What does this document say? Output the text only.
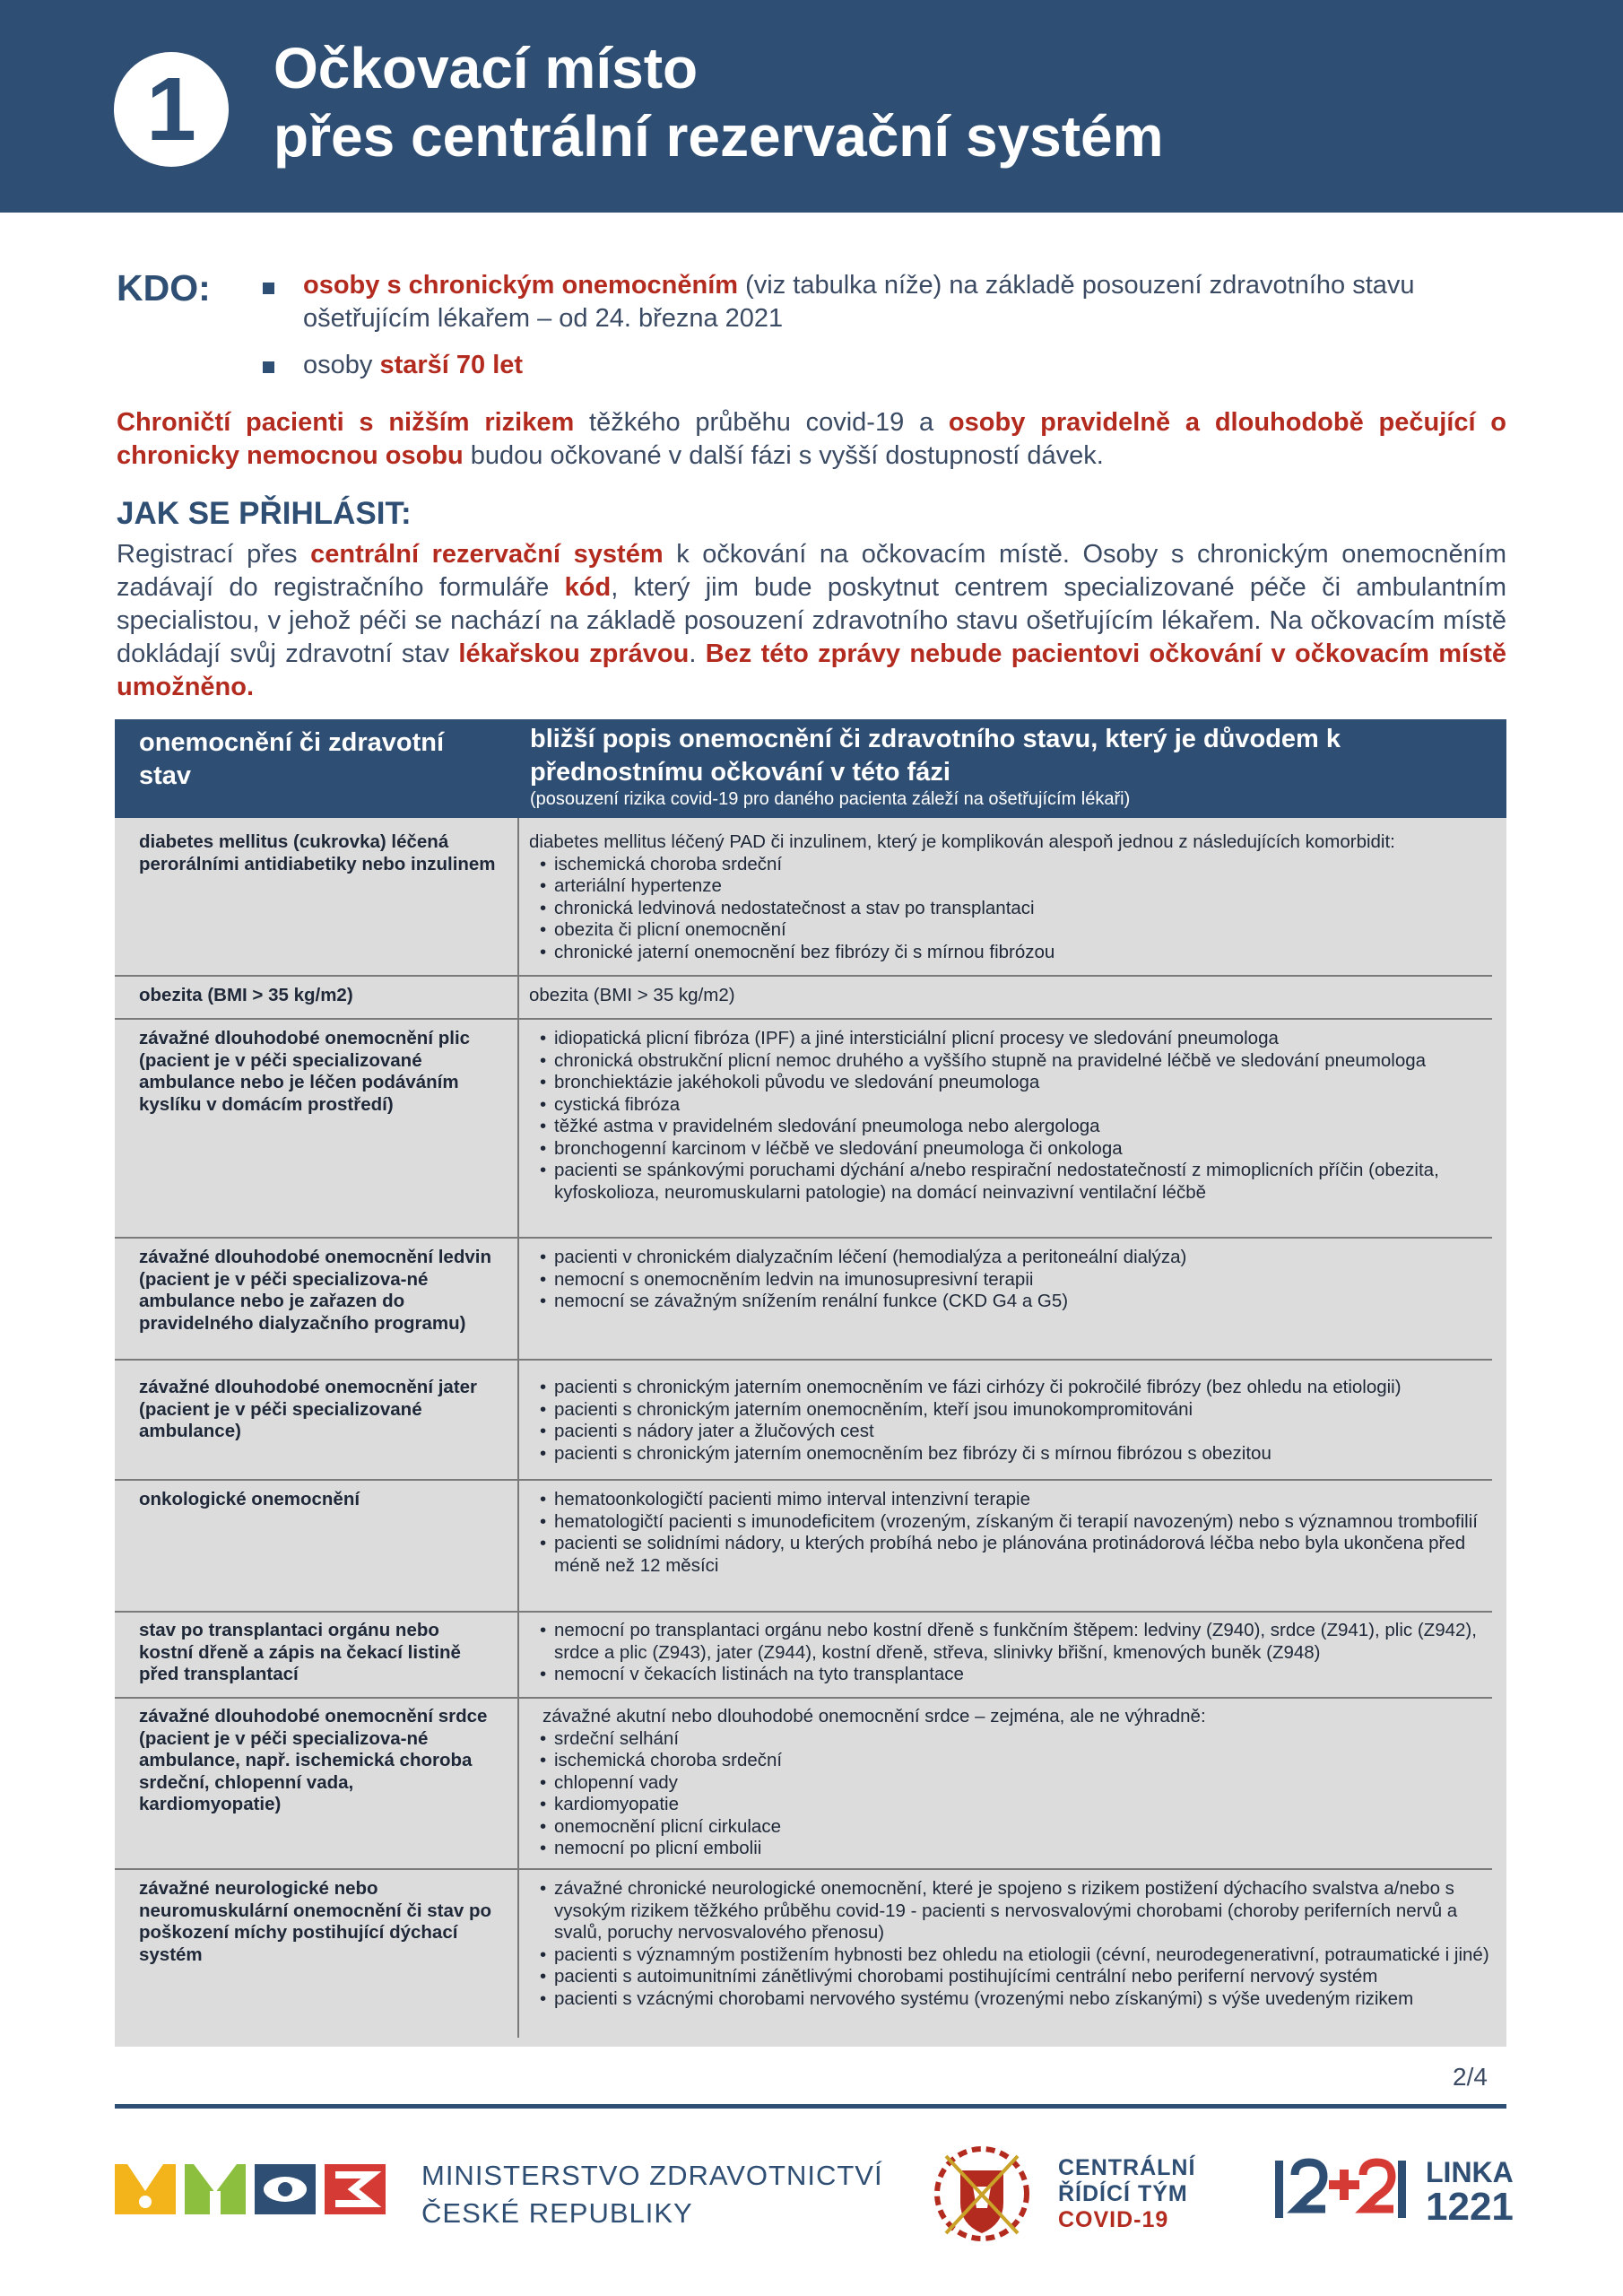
1	Očkovací místo
přes centrální rezervační systém
KDO:	osoby s chronickým onemocněním (viz tabulka níže) na základě posouzení zdravotního stavu ošetřujícím lékařem – od 24. března 2021
osoby starší 70 let
Chroničtí pacienti s nižším rizikem těžkého průběhu covid-19 a osoby pravidelně a dlouhodobě pečující o chronicky nemocnou osobu budou očkované v další fázi s vyšší dostupností dávek.
JAK SE PŘIHLÁSIT:
Registrací přes centrální rezervační systém k očkování na očkovacím místě. Osoby s chronickým onemocněním zadávají do registračního formuláře kód, který jim bude poskytnut centrem specializované péče či ambulantním specialistou, v jehož péči se nachází na základě posouzení zdravotního stavu ošetřujícím lékařem. Na očkovacím místě dokládají svůj zdravotní stav lékařskou zprávou. Bez této zprávy nebude pacientovi očkování v očkovacím místě umožněno.
onemocnění či zdravotní stav
bližší popis onemocnění či zdravotního stavu, který je důvodem k přednostnímu očkování v této fázi
(posouzení rizika covid-19 pro daného pacienta záleží na ošetřujícím lékaři)
diabetes mellitus (cukrovka) léčená perorálními antidiabetiky nebo inzulinem
diabetes mellitus léčený PAD či inzulinem, který je komplikován alespoň jednou z následujících komorbidit:
• ischemická choroba srdeční
• arteriální hypertenze
• chronická ledvinová nedostatečnost a stav po transplantaci
• obezita či plicní onemocnění
• chronické jaterní onemocnění bez fibrózy či s mírnou fibrózou
obezita (BMI > 35 kg/m2)	obezita (BMI > 35 kg/m2)
závažné dlouhodobé onemocnění plic (pacient je v péči specializované ambulance nebo je léčen podáváním kyslíku v domácím prostředí)
• idiopatická plicní fibróza (IPF) a jiné intersticiální plicní procesy ve sledování pneumologa
• chronická obstrukční plicní nemoc druhého a vyššího stupně na pravidelné léčbě ve sledování pneumologa
• bronchiektázie jakéhokoli původu ve sledování pneumologa
• cystická fibróza
• těžké astma v pravidelném sledování pneumologa nebo alergologa
• bronchogenní karcinom v léčbě ve sledování pneumologa či onkologa
• pacienti se spánkovými poruchami dýchání a/nebo respirační nedostatečností z mimoplicních příčin (obezita, kyfoskolioza, neuromuskularni patologie) na domácí neinvazivní ventilační léčbě
závažné dlouhodobé onemocnění ledvin (pacient je v péči specializova-né ambulance nebo je zařazen do pravidelného dialyzačního programu)
• pacienti v chronickém dialyzačním léčení (hemodialýza a peritoneální dialýza)
• nemocní s onemocněním ledvin na imunosupresivní terapii
• nemocní se závažným snížením renální funkce (CKD G4 a G5)
závažné dlouhodobé onemocnění jater (pacient je v péči specializované ambulance)
• pacienti s chronickým jaterním onemocněním ve fázi cirhózy či pokročilé fibrózy (bez ohledu na etiologii)
• pacienti s chronickým jaterním onemocněním, kteří jsou imunokompromitováni
• pacienti s nádory jater a žlučových cest
• pacienti s chronickým jaterním onemocněním bez fibrózy či s mírnou fibrózou s obezitou
onkologické onemocnění
•	hematoonkologičtí pacienti mimo interval intenzivní terapie
• hematologičtí pacienti s imunodeficitem (vrozeným, získaným či terapií navozeným) nebo s významnou trombofilií
• pacienti se solidními nádory, u kterých probíhá nebo je plánována protinádorová léčba nebo byla ukončena před méně než 12 měsíci
stav po transplantaci orgánu nebo kostní dřeně a zápis na čekací listině před transplantací
• nemocní po transplantaci orgánu nebo kostní dřeně s funkčním štěpem: ledviny (Z940), srdce (Z941), plic (Z942), srdce a plic (Z943), jater (Z944), kostní dřeně, střeva, slinivky břišní, kmenových buněk (Z948)
• nemocní v čekacích listinách na tyto transplantace
závažné dlouhodobé onemocnění srdce (pacient je v péči specializova-né ambulance, např. ischemická choroba srdeční, chlopenní vada, kardiomyopatie)
závažné akutní nebo dlouhodobé onemocnění srdce – zejména, ale ne výhradně:
• srdeční selhání
• ischemická choroba srdeční
• chlopenní vady
• kardiomyopatie
• onemocnění plicní cirkulace
• nemocní po plicní embolii
závažné neurologické nebo neuromuskulární onemocnění či stav po poškození míchy postihující dýchací systém
• závažné chronické neurologické onemocnění, které je spojeno s rizikem postižení dýchacího svalstva a/nebo s vysokým rizikem těžkého průběhu covid-19 - pacienti s nervosvalovými chorobami (choroby periferních nervů a svalů, poruchy nervosvalového přenosu)
• pacienti s významným postižením hybnosti bez ohledu na etiologii (cévní, neurodegenerativní, potraumatické i jiné)
• pacienti s autoimunitními zánětlivými chorobami postihujícími centrální nebo periferní nervový systém
• pacienti s vzácnými chorobami nervového systému (vrozenými nebo získanými) s výše uvedeným rizikem
2/4
MINISTERSTVO ZDRAVOTNICTVÍ
ČESKÉ REPUBLIKY
CENTRÁLNÍ
ŘÍDÍCÍ TÝM
COVID-19
LINKA
1221
